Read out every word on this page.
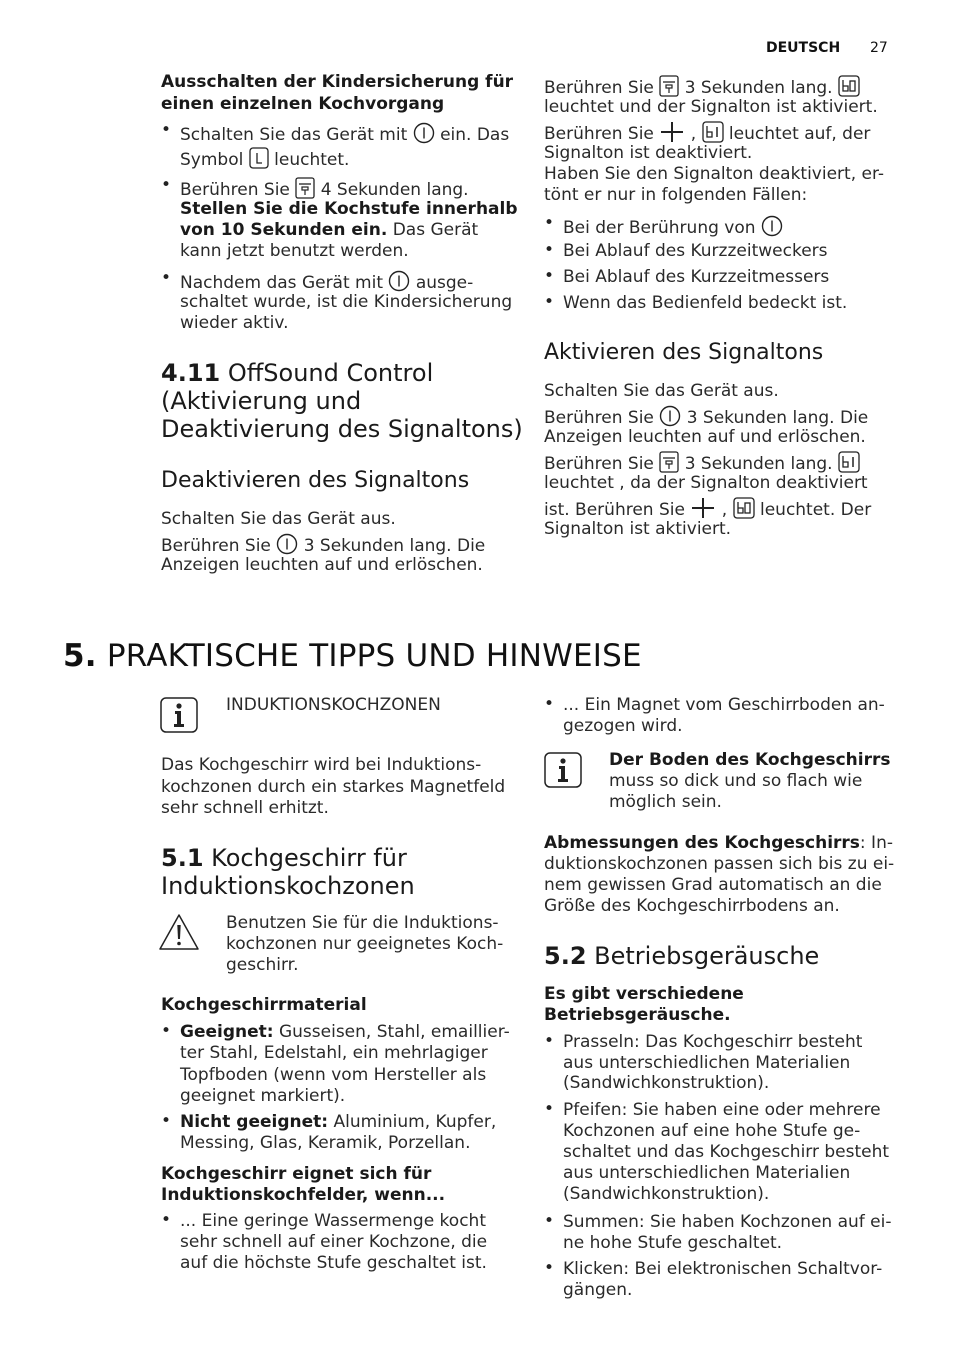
DEUTSCH 27
Ausschalten der Kindersicherung für
einen einzelnen Kochvorgang
• Schalten Sie das Gerät mit ein. Das
Symbol leuchtet.
• Berühren Sie 4 Sekunden lang.
Stellen Sie die Kochstufe innerhalb
von 10 Sekunden ein. Das Gerät
kann jetzt benutzt werden.
• Nachdem das Gerät mit ausge-
schaltet wurde, ist die Kindersicherung
wieder aktiv.
4.11 OffSound Control
(Aktivierung und
Deaktivierung des Signaltons)
Deaktivieren des Signaltons
Schalten Sie das Gerät aus.
Berühren Sie 3 Sekunden lang. Die
Anzeigen leuchten auf und erlöschen.
Berühren Sie 3 Sekunden lang.
leuchtet und der Signalton ist aktiviert.
Berühren Sie , leuchtet auf, der
Signalton ist deaktiviert.
Haben Sie den Signalton deaktiviert, er-
tönt er nur in folgenden Fällen:
• Bei der Berührung von
• Bei Ablauf des Kurzzeitweckers
• Bei Ablauf des Kurzzeitmessers
• Wenn das Bedienfeld bedeckt ist.
Aktivieren des Signaltons
Schalten Sie das Gerät aus.
Berühren Sie 3 Sekunden lang. Die
Anzeigen leuchten auf und erlöschen.
Berühren Sie 3 Sekunden lang.
leuchtet , da der Signalton deaktiviert
ist. Berühren Sie , leuchtet. Der
Signalton ist aktiviert.
5. PRAKTISCHE TIPPS UND HINWEISE
INDUKTIONSKOCHZONEN
Das Kochgeschirr wird bei Induktions-
kochzonen durch ein starkes Magnetfeld
sehr schnell erhitzt.
5.1 Kochgeschirr für
Induktionskochzonen
Benutzen Sie für die Induktions-
kochzonen nur geeignetes Koch-
geschirr.
Kochgeschirrmaterial
• Geeignet: Gusseisen, Stahl, emaillier-
ter Stahl, Edelstahl, ein mehrlagiger
Topfboden (wenn vom Hersteller als
geeignet markiert).
• Nicht geeignet: Aluminium, Kupfer,
Messing, Glas, Keramik, Porzellan.
Kochgeschirr eignet sich für
Induktionskochfelder, wenn...
• ... Eine geringe Wassermenge kocht
sehr schnell auf einer Kochzone, die
auf die höchste Stufe geschaltet ist.
• ... Ein Magnet vom Geschirrboden an-
gezogen wird.
Der Boden des Kochgeschirrs
muss so dick und so flach wie
möglich sein.
Abmessungen des Kochgeschirrs: In-
duktionskochzonen passen sich bis zu ei-
nem gewissen Grad automatisch an die
Größe des Kochgeschirrbodens an.
5.2 Betriebsgeräusche
Es gibt verschiedene
Betriebsgeräusche.
• Prasseln: Das Kochgeschirr besteht
aus unterschiedlichen Materialien
(Sandwichkonstruktion).
• Pfeifen: Sie haben eine oder mehrere
Kochzonen auf eine hohe Stufe ge-
schaltet und das Kochgeschirr besteht
aus unterschiedlichen Materialien
(Sandwichkonstruktion).
• Summen: Sie haben Kochzonen auf ei-
ne hohe Stufe geschaltet.
• Klicken: Bei elektronischen Schaltvor-
gängen.
